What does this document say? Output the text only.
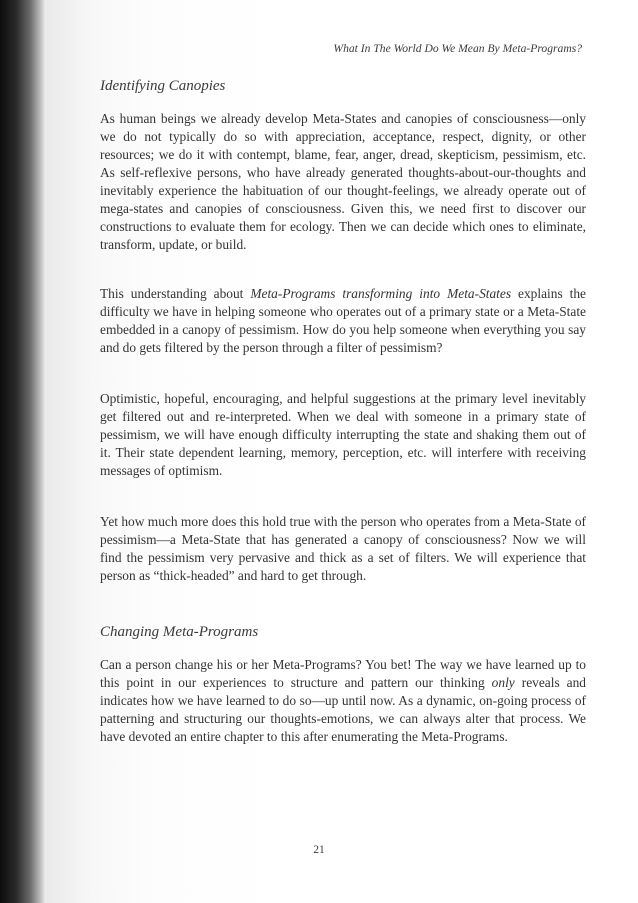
What In The World Do We Mean By Meta-Programs?
Identifying Canopies

As human beings we already develop Meta-States and canopies of consciousness—only we do not typically do so with appreciation, acceptance, respect, dignity, or other resources; we do it with contempt, blame, fear, anger, dread, skepticism, pessimism, etc. As self-reflexive persons, who have already generated thoughts-about-our-thoughts and inevitably experience the habituation of our thought-feelings, we already operate out of mega-states and canopies of consciousness. Given this, we need first to discover our constructions to evaluate them for ecology. Then we can decide which ones to eliminate, transform, update, or build.

This understanding about Meta-Programs transforming into Meta-States explains the difficulty we have in helping someone who operates out of a primary state or a Meta-State embedded in a canopy of pessimism. How do you help someone when everything you say and do gets filtered by the person through a filter of pessimism?

Optimistic, hopeful, encouraging, and helpful suggestions at the primary level inevitably get filtered out and re-interpreted. When we deal with someone in a primary state of pessimism, we will have enough difficulty interrupting the state and shaking them out of it. Their state dependent learning, memory, perception, etc. will interfere with receiving messages of optimism.

Yet how much more does this hold true with the person who operates from a Meta-State of pessimism—a Meta-State that has generated a canopy of consciousness? Now we will find the pessimism very pervasive and thick as a set of filters. We will experience that person as “thick-headed” and hard to get through.

Changing Meta-Programs

Can a person change his or her Meta-Programs? You bet! The way we have learned up to this point in our experiences to structure and pattern our thinking only reveals and indicates how we have learned to do so—up until now. As a dynamic, on-going process of patterning and structuring our thoughts-emotions, we can always alter that process. We have devoted an entire chapter to this after enumerating the Meta-Programs.

21
